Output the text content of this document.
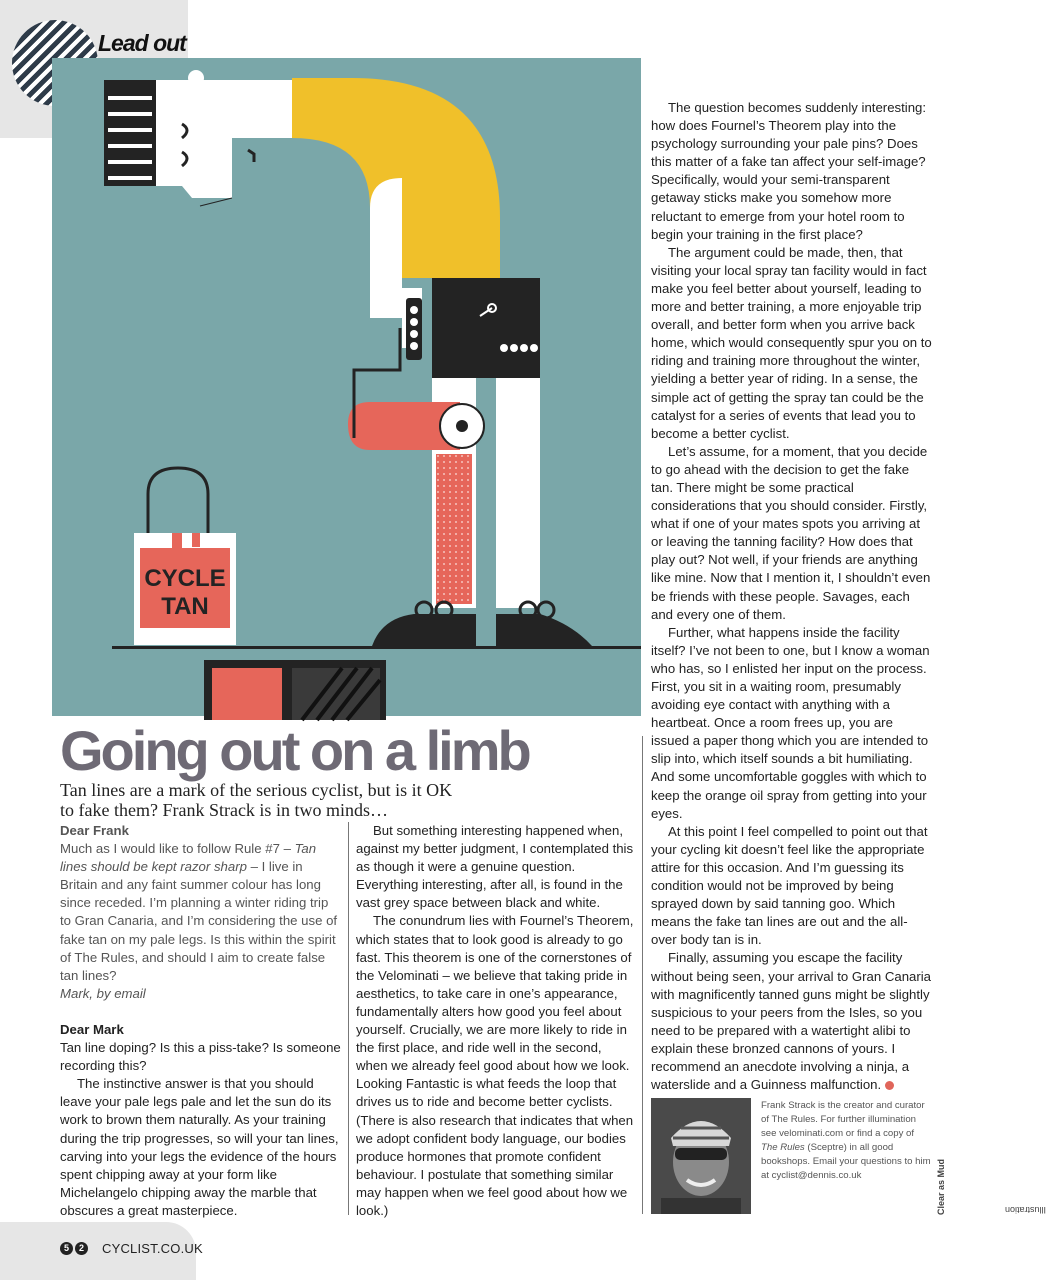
Lead out
CYCLE
TAN
Going out on a limb
Tan lines are a mark of the serious cyclist, but is it OK to fake them? Frank Strack is in two minds…

Dear Frank

Much as I would like to follow Rule #7 – Tan lines should be kept razor sharp – I live in Britain and any faint summer colour has long since receded. I’m planning a winter riding trip to Gran Canaria, and I’m considering the use of fake tan on my pale legs. Is this within the spirit of The Rules, and should I aim to create false tan lines?

Mark, by email

Dear Mark

Tan line doping? Is this a piss-take? Is someone recording this?

The instinctive answer is that you should leave your pale legs pale and let the sun do its work to brown them naturally. As your training during the trip progresses, so will your tan lines, carving into your legs the evidence of the hours spent chipping away at your form like Michelangelo chipping away the marble that obscures a great masterpiece.

But something interesting happened when, against my better judgment, I contemplated this as though it were a genuine question. Everything interesting, after all, is found in the vast grey space between black and white.

The conundrum lies with Fournel’s Theorem, which states that to look good is already to go fast. This theorem is one of the cornerstones of the Velominati – we believe that taking pride in aesthetics, to take care in one’s appearance, fundamentally alters how good you feel about yourself. Crucially, we are more likely to ride in the first place, and ride well in the second, when we already feel good about how we look. Looking Fantastic is what feeds the loop that drives us to ride and become better cyclists. (There is also research that indicates that when we adopt confident body language, our bodies produce hormones that promote confident behaviour. I postulate that something similar may happen when we feel good about how we look.)

The question becomes suddenly interesting: how does Fournel’s Theorem play into the psychology surrounding your pale pins? Does this matter of a fake tan affect your self-image? Specifically, would your semi-transparent getaway sticks make you somehow more reluctant to emerge from your hotel room to begin your training in the first place?

The argument could be made, then, that visiting your local spray tan facility would in fact make you feel better about yourself, leading to more and better training, a more enjoyable trip overall, and better form when you arrive back home, which would consequently spur you on to riding and training more throughout the winter, yielding a better year of riding. In a sense, the simple act of getting the spray tan could be the catalyst for a series of events that lead you to become a better cyclist.

Let’s assume, for a moment, that you decide to go ahead with the decision to get the fake tan. There might be some practical considerations that you should consider. Firstly, what if one of your mates spots you arriving at or leaving the tanning facility? How does that play out? Not well, if your friends are anything like mine. Now that I mention it, I shouldn’t even be friends with these people. Savages, each and every one of them.

Further, what happens inside the facility itself? I’ve not been to one, but I know a woman who has, so I enlisted her input on the process. First, you sit in a waiting room, presumably avoiding eye contact with anything with a heartbeat. Once a room frees up, you are issued a paper thong which you are intended to slip into, which itself sounds a bit humiliating. And some uncomfortable goggles with which to keep the orange oil spray from getting into your eyes.

At this point I feel compelled to point out that your cycling kit doesn’t feel like the appropriate attire for this occasion. And I’m guessing its condition would not be improved by being sprayed down by said tanning goo. Which means the fake tan lines are out and the all-over body tan is in.

Finally, assuming you escape the facility without being seen, your arrival to Gran Canaria with magnificently tanned guns might be slightly suspicious to your peers from the Isles, so you need to be prepared with a watertight alibi to explain these bronzed cannons of yours. I recommend an anecdote involving a ninja, a waterslide and a Guinness malfunction.

Frank Strack is the creator and curator of The Rules. For further illumination see velominati.com or find a copy of The Rules (Sceptre) in all good bookshops. Email your questions to him at cyclist@dennis.co.uk
Illustration
Clear as Mud
5	2	CYCLIST.CO.UK
